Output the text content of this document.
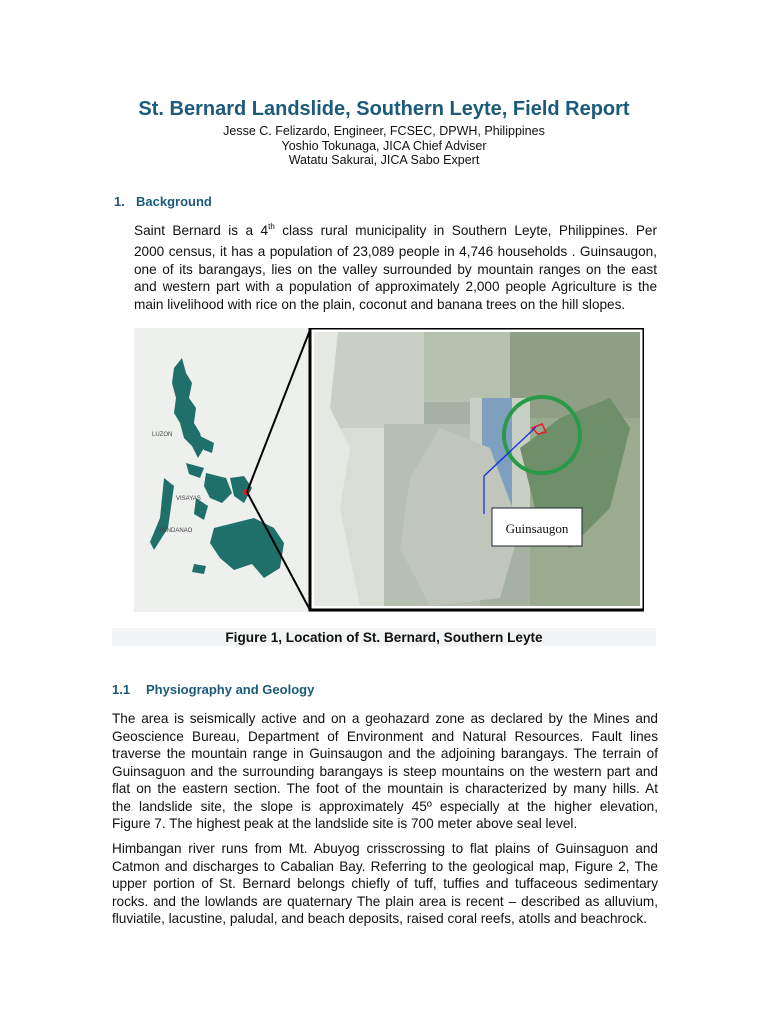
St. Bernard Landslide, Southern Leyte, Field Report
Jesse C. Felizardo, Engineer, FCSEC, DPWH, Philippines
Yoshio Tokunaga, JICA Chief Adviser
Watatu Sakurai, JICA Sabo Expert
1. Background
Saint Bernard is a 4th class rural municipality in Southern Leyte, Philippines. Per
2000 census, it has a population of 23,089 people in 4,746 households . Guinsaugon,
one of its barangays, lies on the valley surrounded by mountain ranges on the east
and western part with a population of approximately 2,000 people Agriculture is the
main livelihood with rice on the plain, coconut and banana trees on the hill slopes.
LUZON
VISAYAS
MINDANAO	Guinsaugon
Figure 1, Location of St. Bernard, Southern Leyte
1.1 Physiography and Geology
The area is seismically active and on a geohazard zone as declared by the Mines and
Geoscience Bureau, Department of Environment and Natural Resources. Fault lines
traverse the mountain range in Guinsaugon and the adjoining barangays. The terrain of
Guinsaguon and the surrounding barangays is steep mountains on the western part and
flat on the eastern section. The foot of the mountain is characterized by many hills. At
the landslide site, the slope is approximately 45º especially at the higher elevation,
Figure 7. The highest peak at the landslide site is 700 meter above seal level.
Himbangan river runs from Mt. Abuyog crisscrossing to flat plains of Guinsaguon and
Catmon and discharges to Cabalian Bay. Referring to the geological map, Figure 2, The
upper portion of St. Bernard belongs chiefly of tuff, tuffies and tuffaceous sedimentary
rocks. and the lowlands are quaternary The plain area is recent – described as alluvium,
fluviatile, lacustine, paludal, and beach deposits, raised coral reefs, atolls and beachrock.
